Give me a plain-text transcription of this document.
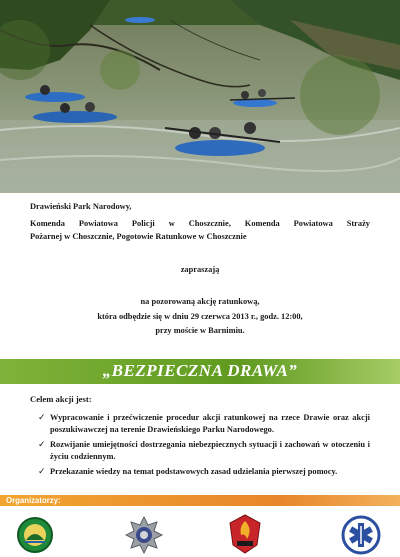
Drawieński Park Narodowy,
Komenda Powiatowa Policji w Choszcznie, Komenda Powiatowa Straży
Pożarnej w Choszcznie, Pogotowie Ratunkowe w Choszcznie
zapraszają
na pozorowaną akcję ratunkową,
która odbędzie się w dniu 29 czerwca 2013 r., godz. 12:00,
przy moście w Barnimiu.
„BEZPIECZNA DRAWA”
Celem akcji jest:
✓ Wypracowanie i przećwiczenie procedur akcji ratunkowej na rzece Drawie oraz akcji poszukiwawczej na terenie Drawieńskiego Parku Narodowego.
✓ Rozwijanie umiejętności dostrzegania niebezpiecznych sytuacji i zachowań w otoczeniu i życiu codziennym.
✓ Przekazanie wiedzy na temat podstawowych zasad udzielania pierwszej pomocy.
Organizatorzy:
